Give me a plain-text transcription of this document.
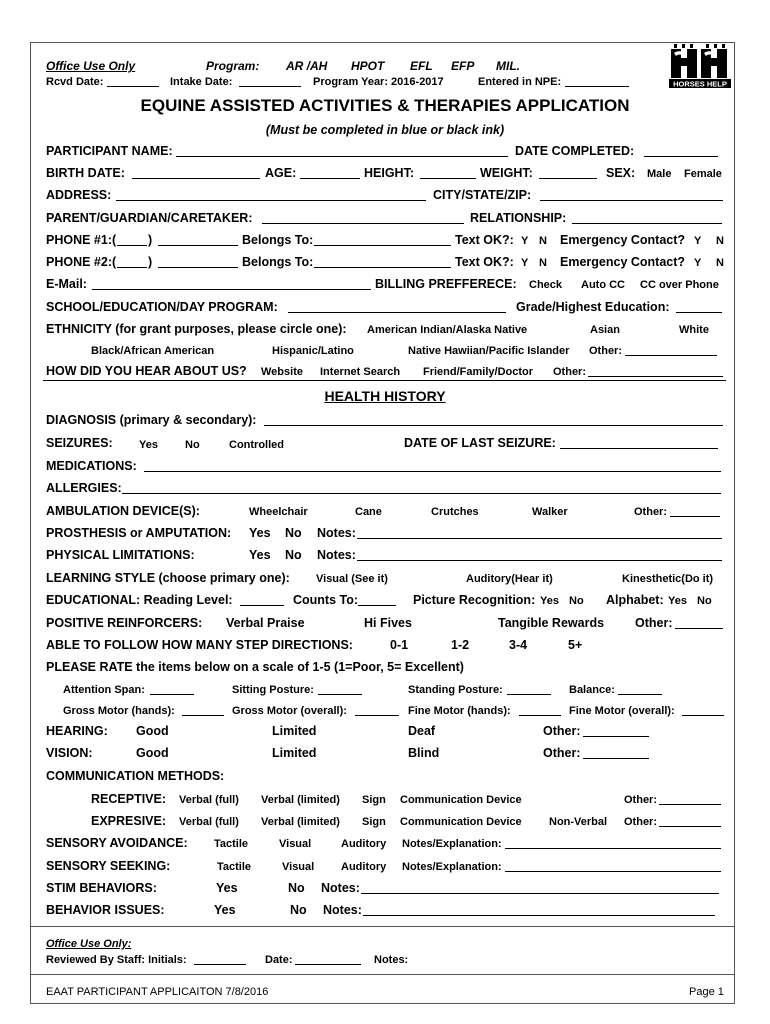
Office Use Only	Program: AR /AH HPOT EFL EFP MIL.
Rcvd Date:	Intake Date:	Program Year: 2016-2017	Entered in NPE:	HORSES HELP
EQUINE ASSISTED ACTIVITIES & THERAPIES APPLICATION
(Must be completed in blue or black ink)
PARTICIPANT NAME:	DATE COMPLETED:
BIRTH DATE:	AGE:	HEIGHT:	WEIGHT:	SEX: Male Female
ADDRESS:	CITY/STATE/ZIP:
PARENT/GUARDIAN/CARETAKER:	RELATIONSHIP:
PHONE #1:(	)	Belongs To:	Text OK?: Y N Emergency Contact? Y N
PHONE #2:(	)	Belongs To:	Text OK?: Y N Emergency Contact? Y N
E-Mail:	BILLING PREFFERECE: Check Auto CC CC over Phone
SCHOOL/EDUCATION/DAY PROGRAM:	Grade/Highest Education:
ETHNICITY (for grant purposes, please circle one): American Indian/Alaska Native	Asian	White
Black/African American	Hispanic/Latino	Native Hawiian/Pacific Islander Other:
HOW DID YOU HEAR ABOUT US? Website Internet Search Friend/Family/Doctor Other:
HEALTH HISTORY
DIAGNOSIS (primary & secondary):
SEIZURES: Yes No	Controlled	DATE OF LAST SEIZURE:
MEDICATIONS:
ALLERGIES:
AMBULATION DEVICE(S):	Wheelchair	Cane	Crutches	Walker	Other:
PROSTHESIS or AMPUTATION: Yes No Notes:
PHYSICAL LIMITATIONS:	Yes No Notes:
LEARNING STYLE (choose primary one): Visual (See it)	Auditory(Hear it)	Kinesthetic(Do it)
EDUCATIONAL: Reading Level:	Counts To:	Picture Recognition: Yes No Alphabet: Yes No
POSITIVE REINFORCERS: Verbal Praise	Hi Fives	Tangible Rewards Other:
ABLE TO FOLLOW HOW MANY STEP DIRECTIONS:	0-1	1-2	3-4	5+
PLEASE RATE the items below on a scale of 1-5 (1=Poor, 5= Excellent)
Attention Span:	Sitting Posture:	Standing Posture:	Balance:
Gross Motor (hands):	Gross Motor (overall):	Fine Motor (hands):	Fine Motor (overall):
HEARING: Good	Limited	Deaf	Other:
VISION:	Good	Limited	Blind	Other:
COMMUNICATION METHODS:
RECEPTIVE: Verbal (full) Verbal (limited) Sign Communication Device	Other:
EXPRESIVE: Verbal (full) Verbal (limited) Sign Communication Device Non-Verbal Other:
SENSORY AVOIDANCE: Tactile	Visual	Auditory Notes/Explanation:
SENSORY SEEKING:	Tactile	Visual Auditory Notes/Explanation:
STIM BEHAVIORS:	Yes	No Notes:
BEHAVIOR ISSUES:	Yes	No Notes:
Office Use Only:
Reviewed By Staff: Initials:	Date:	Notes:
EAAT PARTICIPANT APPLICAITON 7/8/2016	Page 1
